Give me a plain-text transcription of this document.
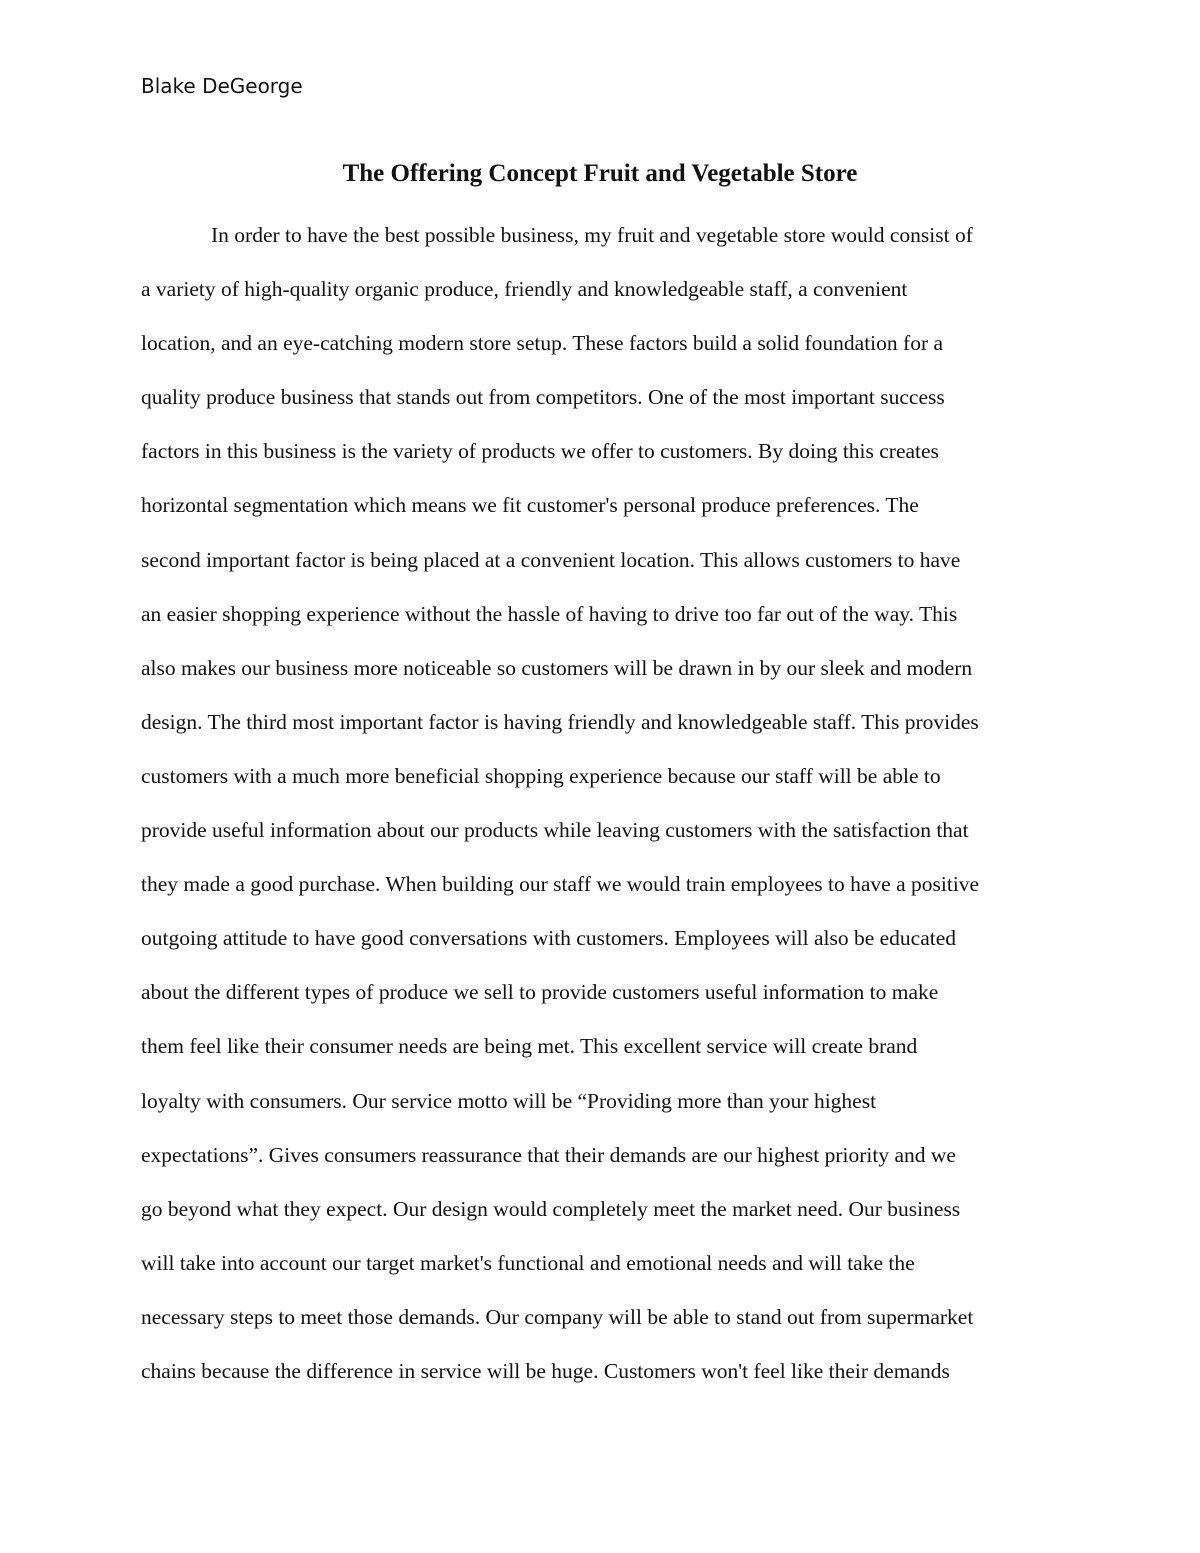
Blake DeGeorge

The Offering Concept Fruit and Vegetable Store
In order to have the best possible business, my fruit and vegetable store would consist of
a variety of high-quality organic produce, friendly and knowledgeable staff, a convenient
location, and an eye-catching modern store setup. These factors build a solid foundation for a
quality produce business that stands out from competitors. One of the most important success
factors in this business is the variety of products we offer to customers. By doing this creates
horizontal segmentation which means we fit customer's personal produce preferences. The
second important factor is being placed at a convenient location. This allows customers to have
an easier shopping experience without the hassle of having to drive too far out of the way. This
also makes our business more noticeable so customers will be drawn in by our sleek and modern
design. The third most important factor is having friendly and knowledgeable staff. This provides
customers with a much more beneficial shopping experience because our staff will be able to
provide useful information about our products while leaving customers with the satisfaction that
they made a good purchase. When building our staff we would train employees to have a positive
outgoing attitude to have good conversations with customers. Employees will also be educated
about the different types of produce we sell to provide customers useful information to make
them feel like their consumer needs are being met. This excellent service will create brand
loyalty with consumers. Our service motto will be “Providing more than your highest
expectations”. Gives consumers reassurance that their demands are our highest priority and we
go beyond what they expect. Our design would completely meet the market need. Our business
will take into account our target market's functional and emotional needs and will take the
necessary steps to meet those demands. Our company will be able to stand out from supermarket
chains because the difference in service will be huge. Customers won't feel like their demands
